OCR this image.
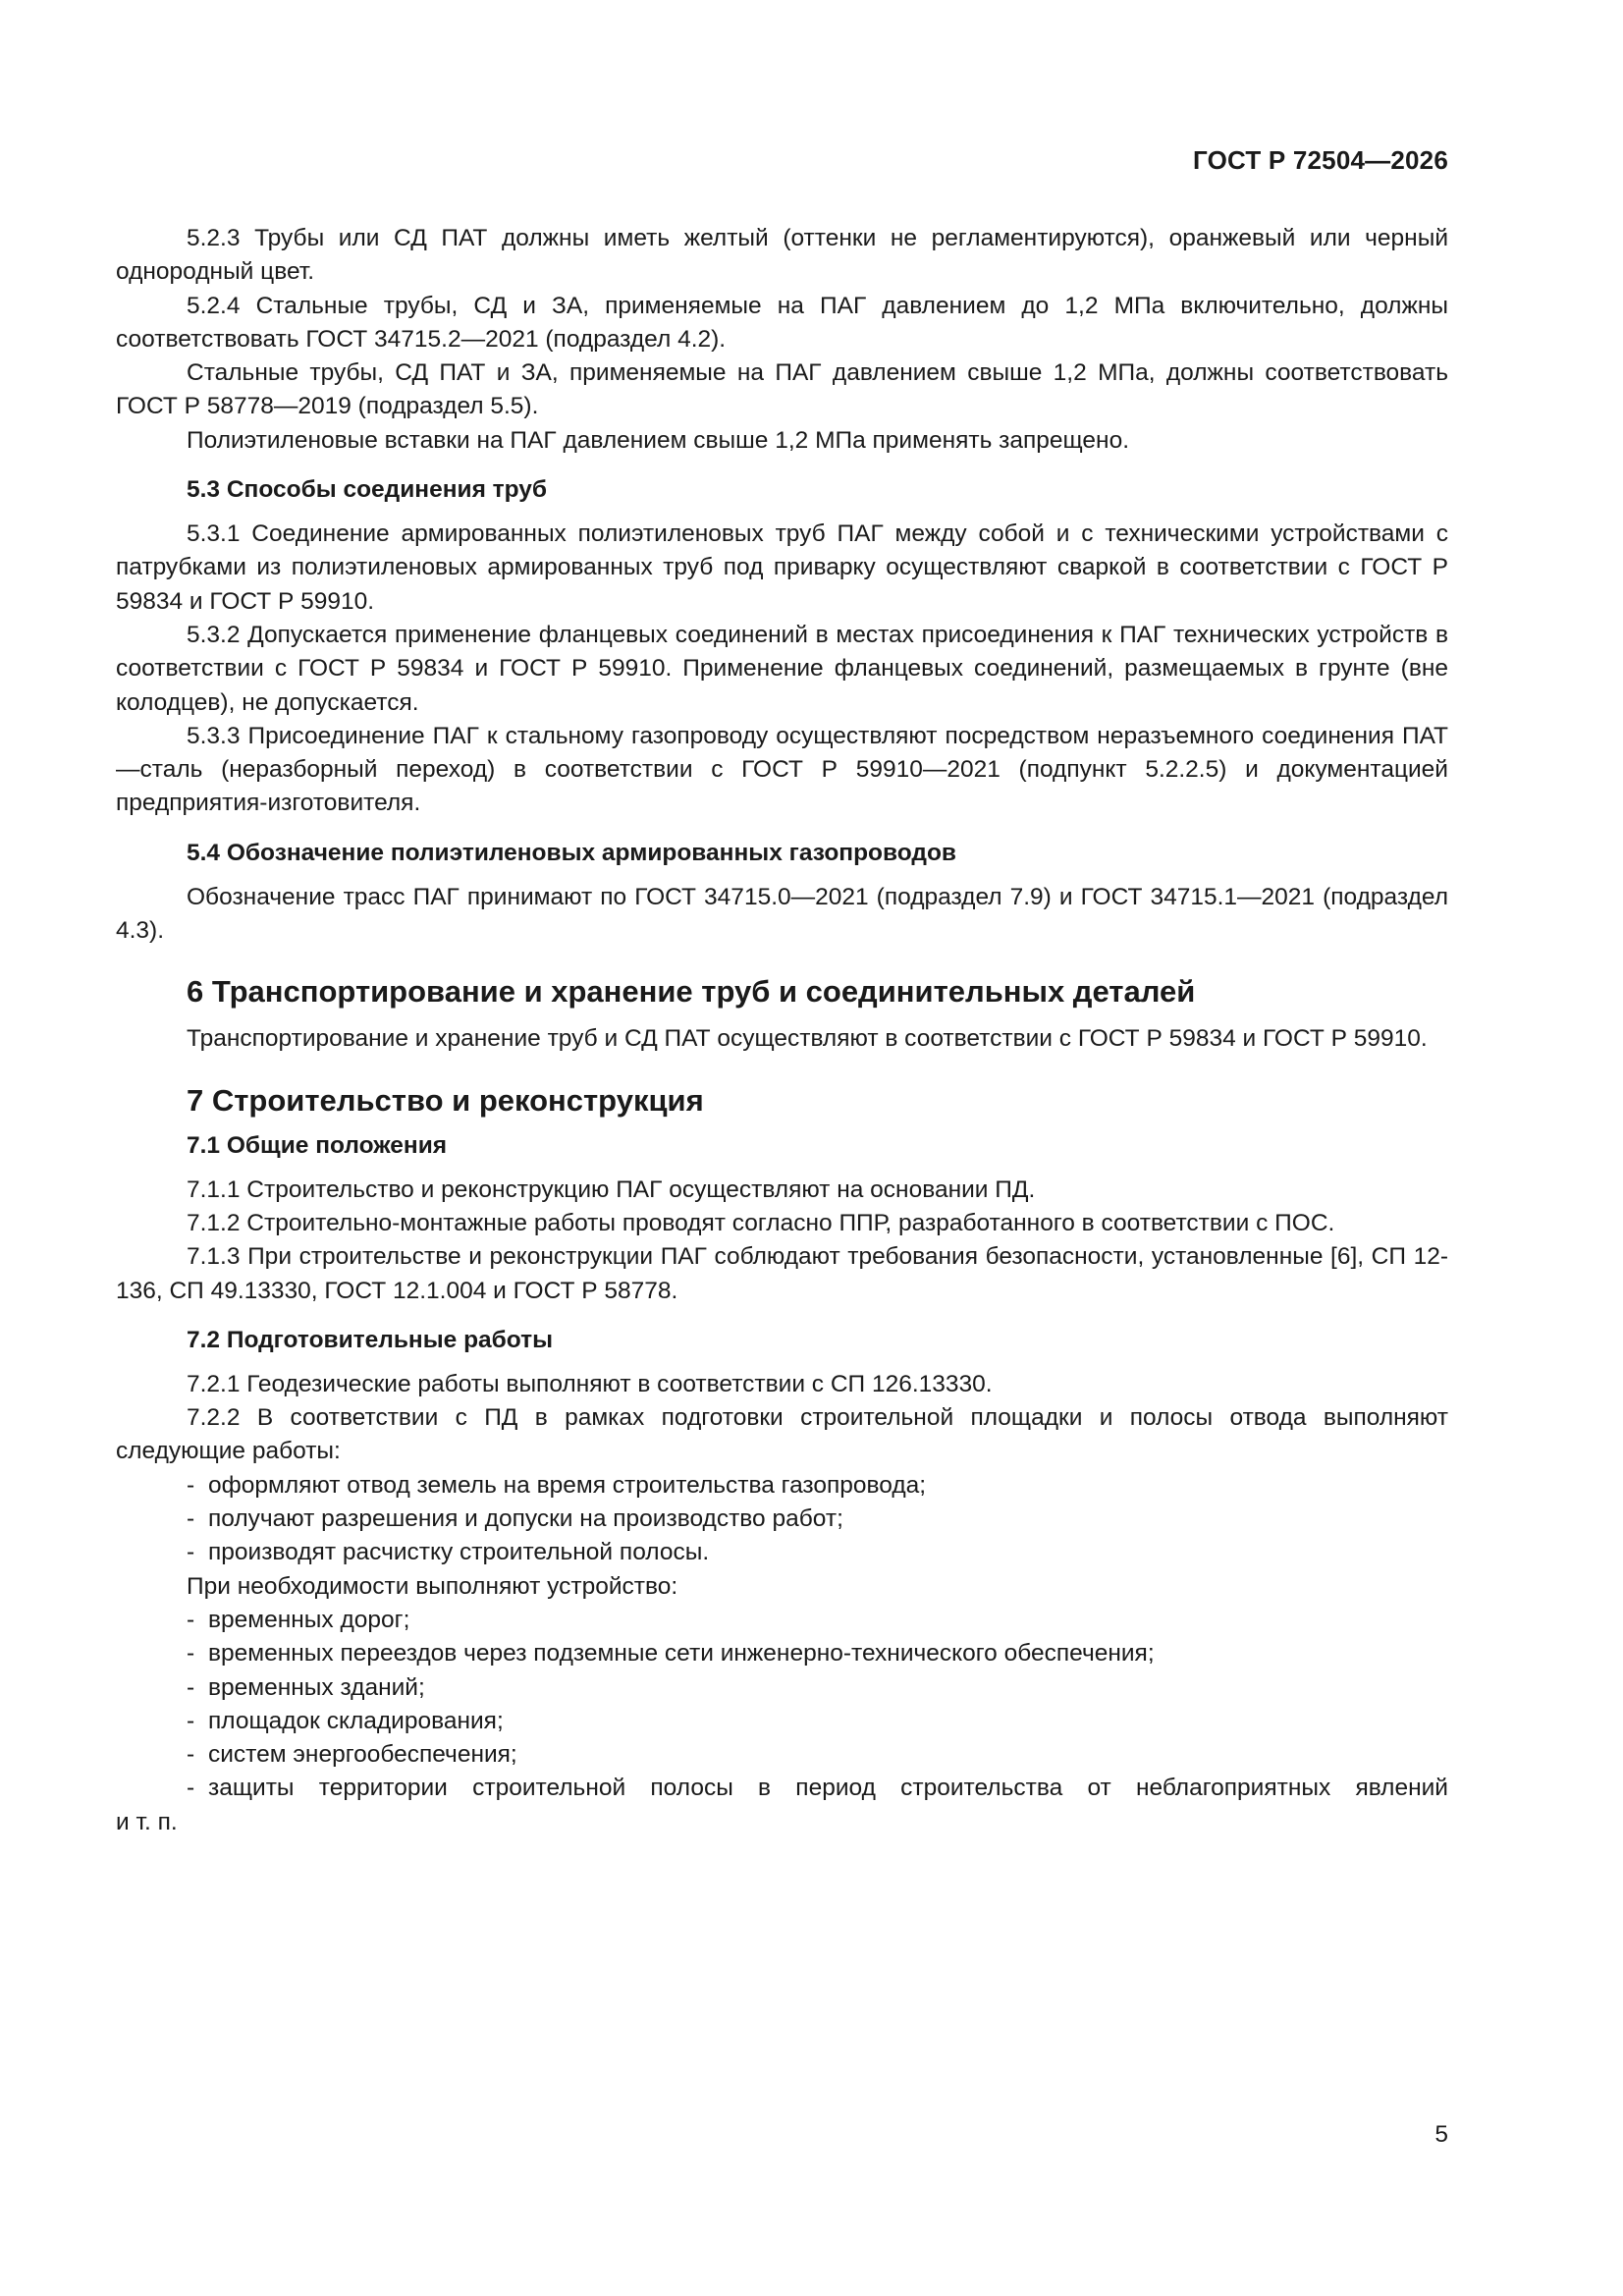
ГОСТ Р 72504—2026

5.2.3 Трубы или СД ПАТ должны иметь желтый (оттенки не регламентируются), оранжевый или черный однородный цвет.

5.2.4 Стальные трубы, СД и ЗА, применяемые на ПАГ давлением до 1,2 МПа включительно, должны соответствовать ГОСТ 34715.2—2021 (подраздел 4.2).

Стальные трубы, СД ПАТ и ЗА, применяемые на ПАГ давлением свыше 1,2 МПа, должны соответствовать ГОСТ Р 58778—2019 (подраздел 5.5).

Полиэтиленовые вставки на ПАГ давлением свыше 1,2 МПа применять запрещено.

5.3 Способы соединения труб

5.3.1 Соединение армированных полиэтиленовых труб ПАГ между собой и с техническими устройствами с патрубками из полиэтиленовых армированных труб под приварку осуществляют сваркой в соответствии с ГОСТ Р 59834 и ГОСТ Р 59910.

5.3.2 Допускается применение фланцевых соединений в местах присоединения к ПАГ технических устройств в соответствии с ГОСТ Р 59834 и ГОСТ Р 59910. Применение фланцевых соединений, размещаемых в грунте (вне колодцев), не допускается.

5.3.3 Присоединение ПАГ к стальному газопроводу осуществляют посредством неразъемного соединения ПАТ—сталь (неразборный переход) в соответствии с ГОСТ Р 59910—2021 (подпункт 5.2.2.5) и документацией предприятия-изготовителя.

5.4 Обозначение полиэтиленовых армированных газопроводов

Обозначение трасс ПАГ принимают по ГОСТ 34715.0—2021 (подраздел 7.9) и ГОСТ 34715.1—2021 (подраздел 4.3).

6 Транспортирование и хранение труб и соединительных деталей

Транспортирование и хранение труб и СД ПАТ осуществляют в соответствии с ГОСТ Р 59834 и ГОСТ Р 59910.

7 Строительство и реконструкция
7.1 Общие положения

7.1.1 Строительство и реконструкцию ПАГ осуществляют на основании ПД.

7.1.2 Строительно-монтажные работы проводят согласно ППР, разработанного в соответствии с ПОС.

7.1.3 При строительстве и реконструкции ПАГ соблюдают требования безопасности, установленные [6], СП 12-136, СП 49.13330, ГОСТ 12.1.004 и ГОСТ Р 58778.

7.2 Подготовительные работы

7.2.1 Геодезические работы выполняют в соответствии с СП 126.13330.

7.2.2 В соответствии с ПД в рамках подготовки строительной площадки и полосы отвода выполняют следующие работы:

- оформляют отвод земель на время строительства газопровода;
- получают разрешения и допуски на производство работ;
- производят расчистку строительной полосы.
При необходимости выполняют устройство:
- временных дорог;
- временных переездов через подземные сети инженерно-технического обеспечения;
- временных зданий;
- площадок складирования;
- систем энергообеспечения;
- защиты территории строительной полосы в период строительства от неблагоприятных явлений
и т. п.
5
